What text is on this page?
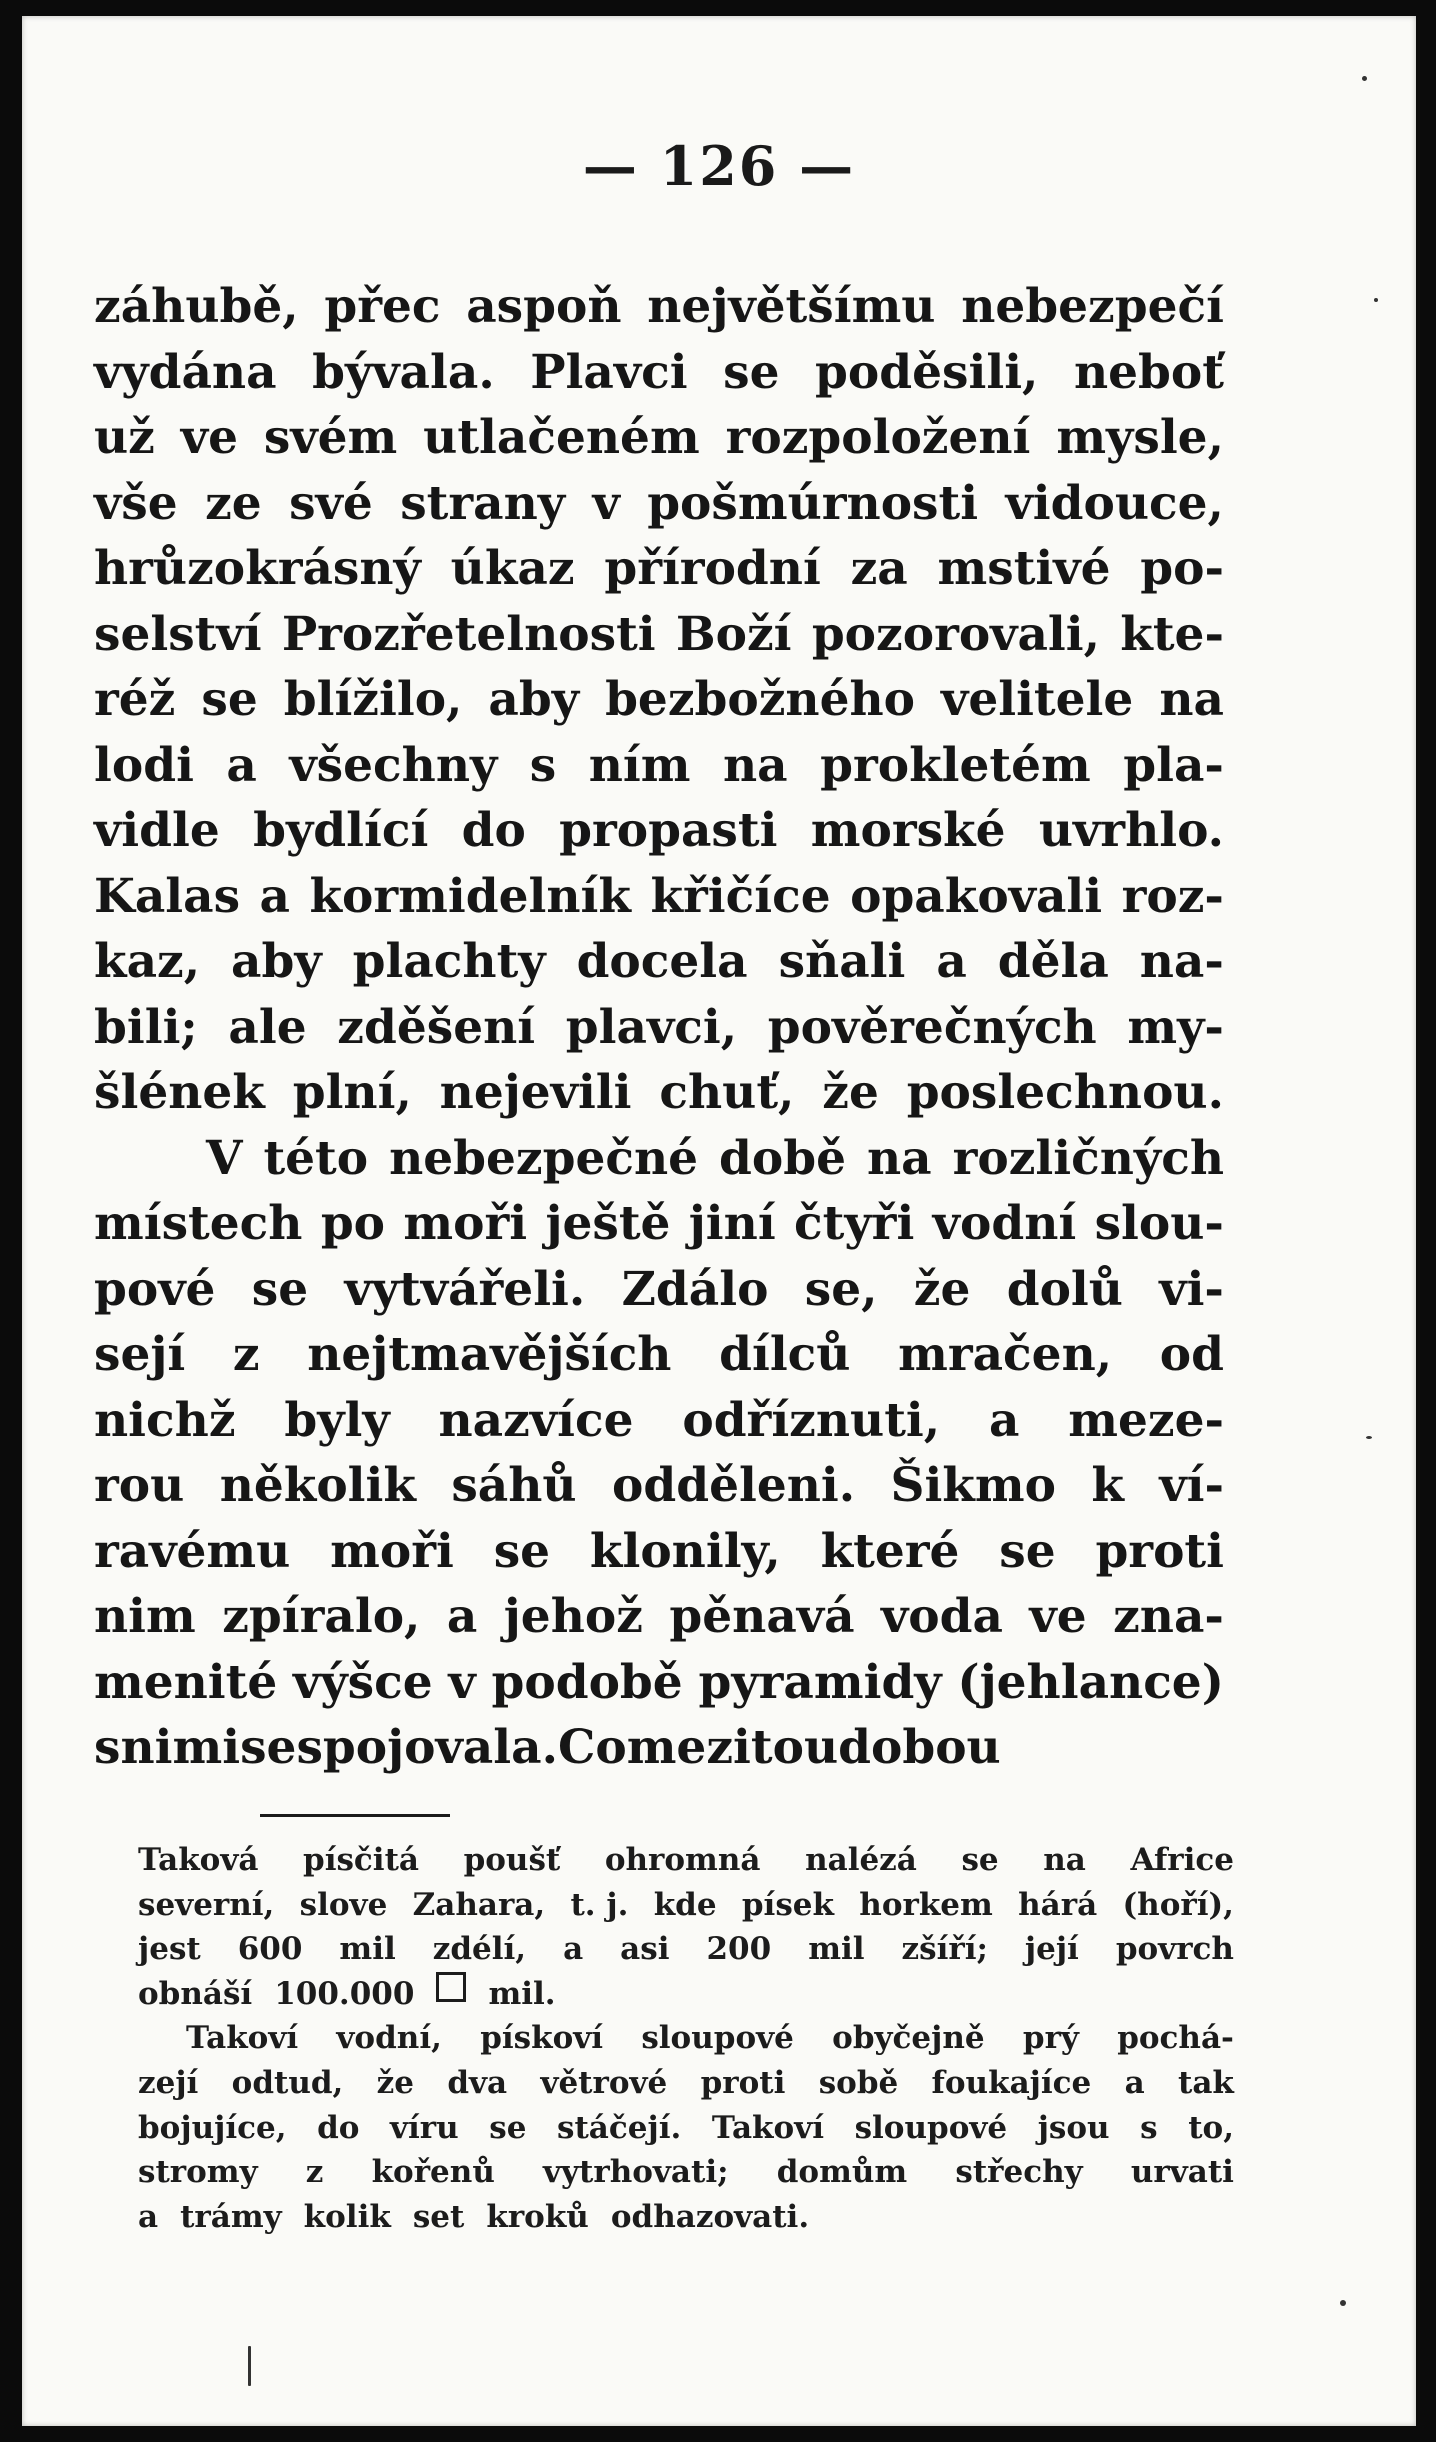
— 126 —
záhubě, přec aspoň největšímu nebezpečí
vydána bývala. Plavci se poděsili, neboť
už ve svém utlačeném rozpoložení mysle,
vše ze své strany v pošmúrnosti vidouce,
hrůzokrásný úkaz přírodní za mstivé po-
selství Prozřetelnosti Boží pozorovali, kte-
réž se blížilo, aby bezbožného velitele na
lodi a všechny s ním na prokletém pla-
vidle bydlící do propasti morské uvrhlo.
Kalas a kormidelník křičíce opakovali roz-
kaz, aby plachty docela sňali a děla na-
bili; ale zděšení plavci, pověrečných my-
šlének plní, nejevili chuť, že poslechnou.
V této nebezpečné době na rozličných
místech po moři ještě jiní čtyři vodní slou-
pové se vytvářeli. Zdálo se, že dolů vi-
sejí z nejtmavějších dílců mračen, od
nichž byly nazvíce odříznuti, a meze-
rou několik sáhů odděleni. Šikmo k ví-
ravému moři se klonily, které se proti
nim zpíralo, a jehož pěnavá voda ve zna-
menité výšce v podobě pyramidy (jehlance)
s nimi se spojovala. Co mezi tou dobou
Taková písčitá poušť ohromná nalézá se na Africe
severní, slove Zahara, t. j. kde písek horkem hárá (hoří),
jest 600 mil zdélí, a asi 200 mil zšíří; její povrch
obnáší 100.000 mil.
Takoví vodní, pískoví sloupové obyčejně prý pochá-
zejí odtud, že dva větrové proti sobě foukajíce a tak
bojujíce, do víru se stáčejí. Takoví sloupové jsou s to,
stromy z kořenů vytrhovati; domům střechy urvati
a trámy kolik set kroků odhazovati.
